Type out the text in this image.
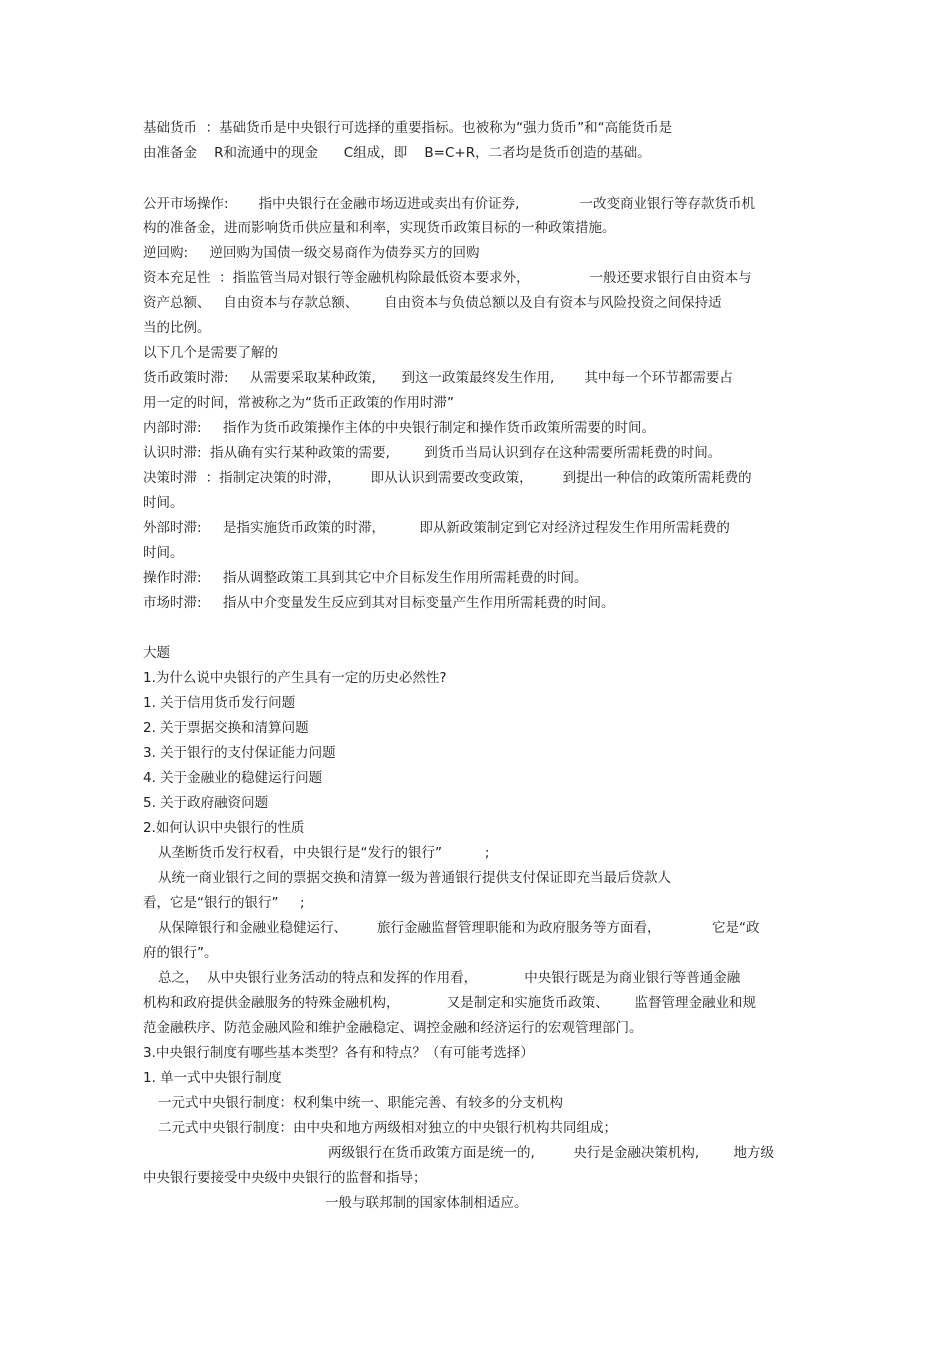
基础货币  ：基础货币是中央银行可选择的重要指标。也被称为“强力货币”和“高能货币是
由准备金    R和流通中的现金      C组成，即    B=C+R，二者均是货币创造的基础。
公开市场操作:       指中央银行在金融市场迈进或卖出有价证券,              一改变商业银行等存款货币机
构的准备金，进而影响货币供应量和利率，实现货币政策目标的一种政策措施。
逆回购:     逆回购为国债一级交易商作为债券买方的回购
资本充足性  ：指监管当局对银行等金融机构除最低资本要求外，              一般还要求银行自由资本与
资产总额、   自由资本与存款总额、      自由资本与负债总额以及自有资本与风险投资之间保持适
当的比例。
以下几个是需要了解的
货币政策时滞:     从需要采取某种政策,      到这一政策最终发生作用,       其中每一个环节都需要占
用一定的时间，常被称之为“货币正政策的作用时滞”
内部时滞:     指作为货币政策操作主体的中央银行制定和操作货币政策所需要的时间。
认识时滞:  指从确有实行某种政策的需要,        到货币当局认识到存在这种需要所需耗费的时间。
决策时滞  ：指制定决策的时滞，       即从认识到需要改变政策，       到提出一种信的政策所需耗费的
时间。
外部时滞:     是指实施货币政策的时滞，        即从新政策制定到它对经济过程发生作用所需耗费的
时间。
操作时滞:     指从调整政策工具到其它中介目标发生作用所需耗费的时间。
市场时滞:     指从中介变量发生反应到其对目标变量产生作用所需耗费的时间。
大题
1.为什么说中央银行的产生具有一定的历史必然性?
1. 关于信用货币发行问题
2. 关于票据交换和清算问题
3. 关于银行的支付保证能力问题
4. 关于金融业的稳健运行问题
5. 关于政府融资问题
2.如何认识中央银行的性质
从垄断货币发行权看，中央银行是“发行的银行”          ;
从统一商业银行之间的票据交换和清算一级为普通银行提供支付保证即充当最后贷款人
看，它是“银行的银行”     ;
从保障银行和金融业稳健运行、       旅行金融监督管理职能和为政府服务等方面看，            它是“政
府的银行”。
总之，  从中央银行业务活动的特点和发挥的作用看，           中央银行既是为商业银行等普通金融
机构和政府提供金融服务的特殊金融机构，           又是制定和实施货币政策、      监督管理金融业和规
范金融秩序、防范金融风险和维护金融稳定、调控金融和经济运行的宏观管理部门。
3.中央银行制度有哪些基本类型？各有和特点？（有可能考选择）
1. 单一式中央银行制度
一元式中央银行制度：权利集中统一、职能完善、有较多的分支机构
二元式中央银行制度：由中央和地方两级相对独立的中央银行机构共同组成；
两级银行在货币政策方面是统一的,         央行是金融决策机构,        地方级
中央银行要接受中央级中央银行的监督和指导；
一般与联邦制的国家体制相适应。
